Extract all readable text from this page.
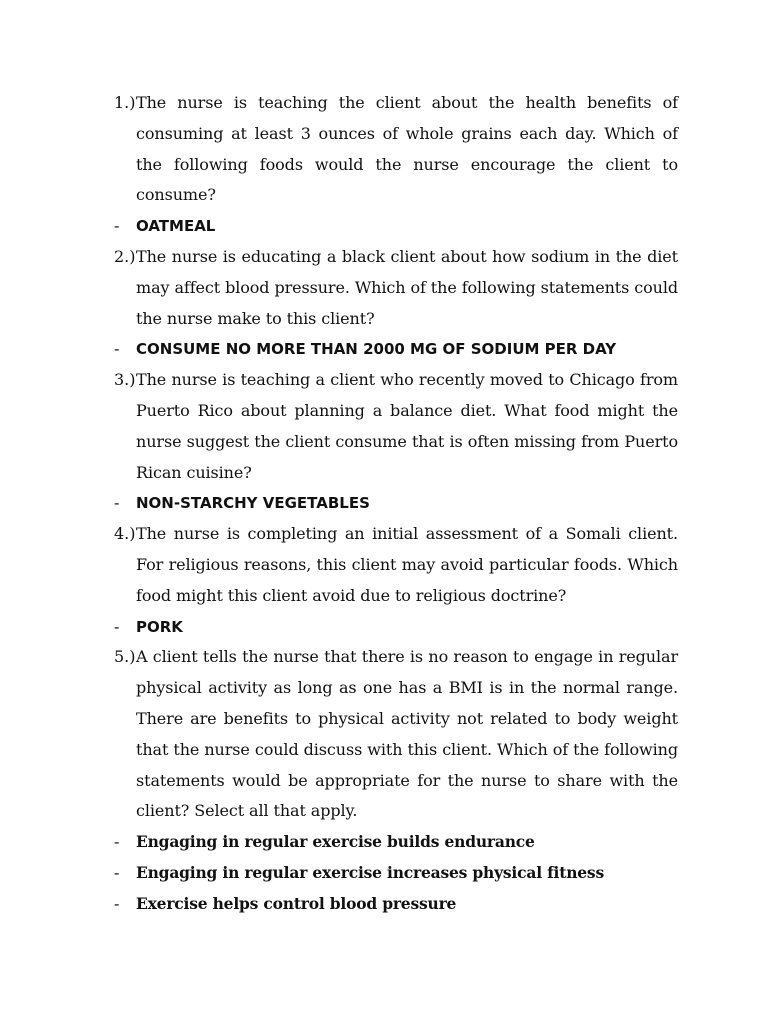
1.) The nurse is teaching the client about the health benefits of consuming at least 3 ounces of whole grains each day. Which of the following foods would the nurse encourage the client to consume?
-	OATMEAL
2.) The nurse is educating a black client about how sodium in the diet may affect blood pressure. Which of the following statements could the nurse make to this client?
-	CONSUME NO MORE THAN 2000 MG OF SODIUM PER DAY
3.) The nurse is teaching a client who recently moved to Chicago from Puerto Rico about planning a balance diet. What food might the nurse suggest the client consume that is often missing from Puerto Rican cuisine?
-	NON-STARCHY VEGETABLES
4.) The nurse is completing an initial assessment of a Somali client. For religious reasons, this client may avoid particular foods. Which food might this client avoid due to religious doctrine?
-	PORK
5.) A client tells the nurse that there is no reason to engage in regular physical activity as long as one has a BMI is in the normal range. There are benefits to physical activity not related to body weight that the nurse could discuss with this client. Which of the following statements would be appropriate for the nurse to share with the client? Select all that apply.
-	Engaging in regular exercise builds endurance
-	Engaging in regular exercise increases physical fitness
-	Exercise helps control blood pressure
